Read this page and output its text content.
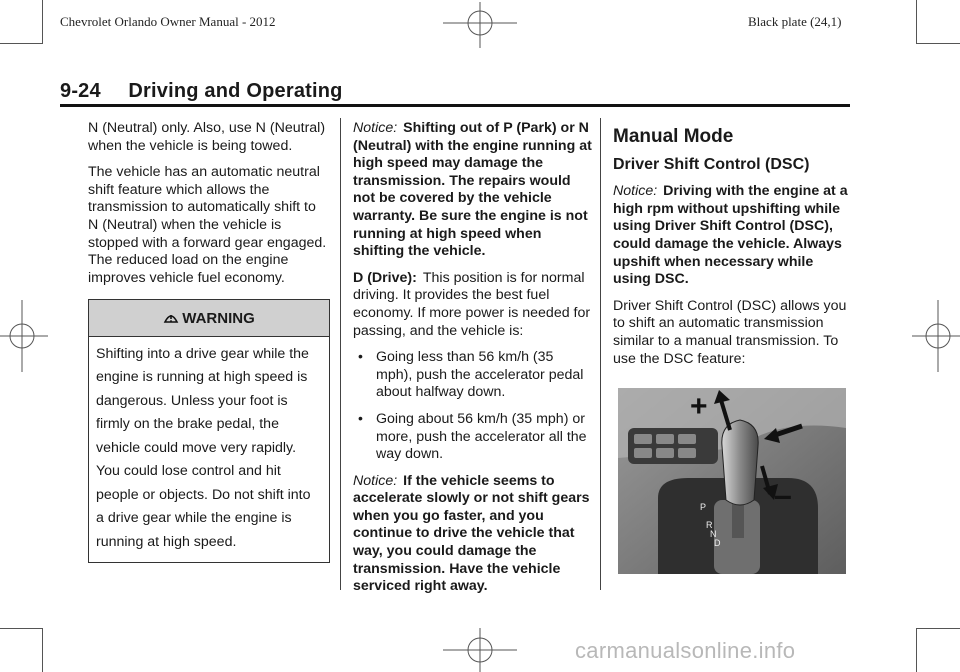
Chevrolet Orlando Owner Manual - 2012	Black plate (24,1)
9-24 Driving and Operating

N (Neutral) only. Also, use N (Neutral) when the vehicle is being towed.

The vehicle has an automatic neutral shift feature which allows the transmission to automatically shift to N (Neutral) when the vehicle is stopped with a forward gear engaged. The reduced load on the engine improves vehicle fuel economy.

WARNING
Shifting into a drive gear while the engine is running at high speed is dangerous. Unless your foot is firmly on the brake pedal, the vehicle could move very rapidly. You could lose control and hit people or objects. Do not shift into a drive gear while the engine is running at high speed.

Notice: Shifting out of P (Park) or N (Neutral) with the engine running at high speed may damage the transmission. The repairs would not be covered by the vehicle warranty. Be sure the engine is not running at high speed when shifting the vehicle.

D (Drive): This position is for normal driving. It provides the best fuel economy. If more power is needed for passing, and the vehicle is:

• Going less than 56 km/h (35 mph), push the accelerator pedal about halfway down.
• Going about 56 km/h (35 mph) or more, push the accelerator all the way down.

Notice: If the vehicle seems to accelerate slowly or not shift gears when you go faster, and you continue to drive the vehicle that way, you could damage the transmission. Have the vehicle serviced right away.

Manual Mode
Driver Shift Control (DSC)

Notice: Driving with the engine at a high rpm without upshifting while using Driver Shift Control (DSC), could damage the vehicle. Always upshift when necessary while using DSC.

Driver Shift Control (DSC) allows you to shift an automatic transmission similar to a manual transmission. To use the DSC feature:

P
R
N
D
+
–
carmanualsonline.info
